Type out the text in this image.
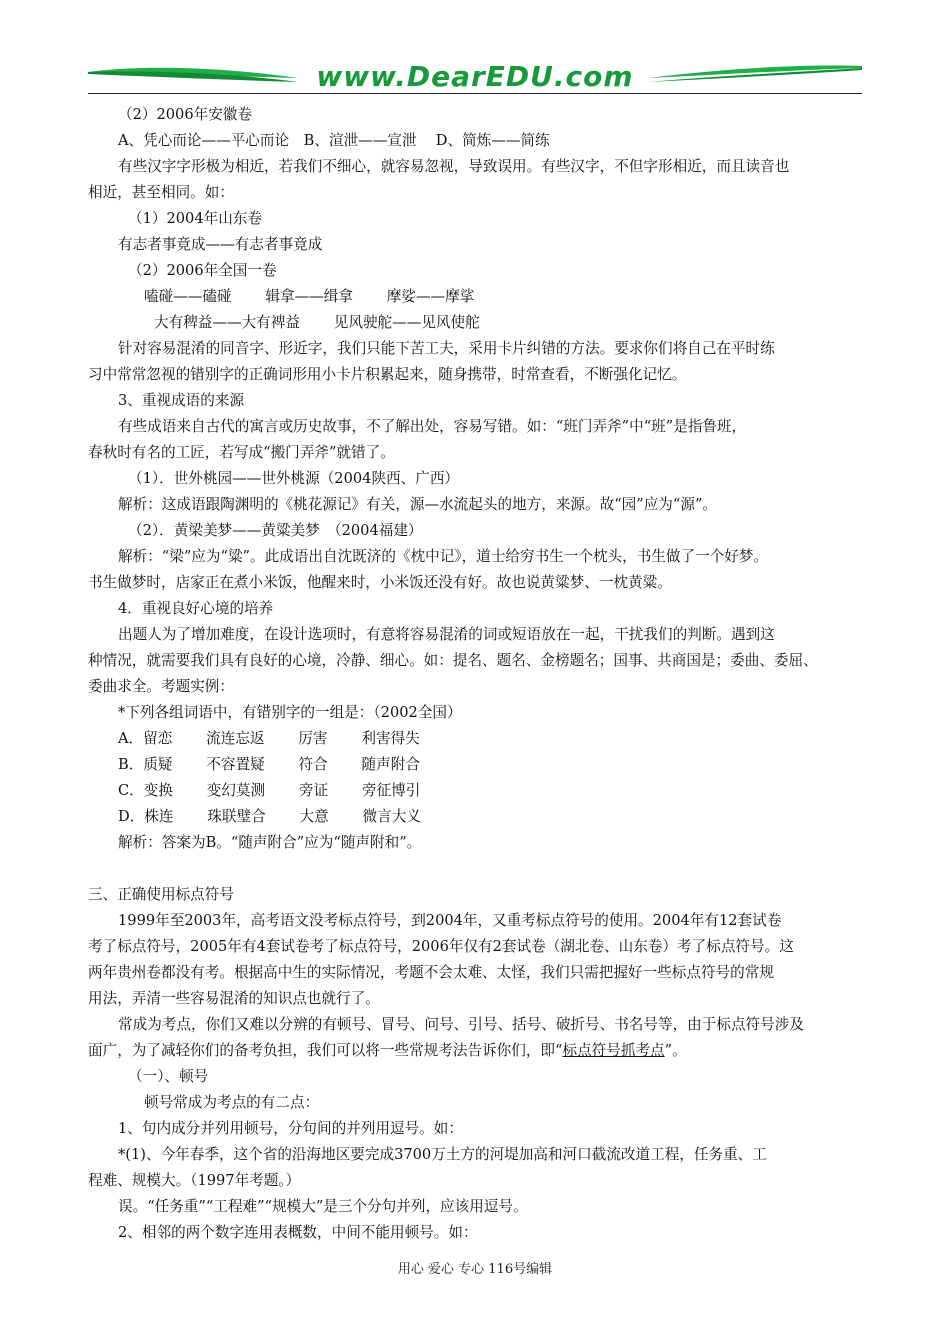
www.DearEDU.com
（2）2006年安徽卷
A、凭心而论——平心而论　B、渲泄——宣泄　 D、简炼——简练
有些汉字字形极为相近，若我们不细心，就容易忽视，导致误用。有些汉字，不但字形相近，而且读音也
相近，甚至相同。如：
（1）2004年山东卷
有志者事竟成——有志者事竟成
（2）2006年全国一卷
嗑碰——磕碰　　 辑拿——缉拿　　 摩娑——摩挲
大有稗益——大有裨益　　 见风驶舵——见风使舵
针对容易混淆的同音字、形近字，我们只能下苦工夫，采用卡片纠错的方法。要求你们将自己在平时练
习中常常忽视的错别字的正确词形用小卡片积累起来，随身携带，时常查看，不断强化记忆。
3、重视成语的来源
有些成语来自古代的寓言或历史故事，不了解出处，容易写错。如：“班门弄斧”中“班”是指鲁班，
春秋时有名的工匠，若写成“搬门弄斧”就错了。
（1）．世外桃园——世外桃源（2004陕西、广西）
解析：这成语跟陶渊明的《桃花源记》有关，源—水流起头的地方，来源。故“园”应为“源”。
（2）．黄梁美梦——黄粱美梦　（2004福建）
解析：“梁”应为“粱”。此成语出自沈既济的《枕中记》，道士给穷书生一个枕头，书生做了一个好梦。
书生做梦时，店家正在煮小米饭，他醒来时，小米饭还没有好。故也说黄粱梦、一枕黄粱。
4．重视良好心境的培养
出题人为了增加难度，在设计选项时，有意将容易混淆的词或短语放在一起，干扰我们的判断。遇到这
种情况，就需要我们具有良好的心境，冷静、细心。如：提名、题名、金榜题名；国事、共商国是；委曲、委屈、
委曲求全。考题实例：
*下列各组词语中，有错别字的一组是：（2002全国）
A．留恋　　 流连忘返　　 厉害　　 利害得失
B．质疑　　 不容置疑　　 符合　　 随声附合
C．变换　　 变幻莫测　　 旁证　　 旁征博引
D．株连　　 珠联璧合　　 大意　　 微言大义
解析：答案为B。“随声附合”应为“随声附和”。
三、正确使用标点符号
1999年至2003年，高考语文没考标点符号，到2004年，又重考标点符号的使用。2004年有12套试卷
考了标点符号，2005年有4套试卷考了标点符号，2006年仅有2套试卷（湖北卷、山东卷）考了标点符号。这
两年贵州卷都没有考。根据高中生的实际情况，考题不会太难、太怪，我们只需把握好一些标点符号的常规
用法，弄清一些容易混淆的知识点也就行了。
常成为考点，你们又难以分辨的有顿号、冒号、问号、引号、括号、破折号、书名号等，由于标点符号涉及
面广，为了减轻你们的备考负担，我们可以将一些常规考法告诉你们，即“标点符号抓考点”。
（一）、顿号
顿号常成为考点的有二点：
1、句内成分并列用顿号，分句间的并列用逗号。如：
*(1)、今年春季，这个省的沿海地区要完成3700万土方的河堤加高和河口截流改道工程，任务重、工
程难、规模大。（1997年考题。）
误。“任务重”“工程难”“规模大”是三个分句并列，应该用逗号。
2、相邻的两个数字连用表概数，中间不能用顿号。如：
用心 爱心 专心 116号编辑
